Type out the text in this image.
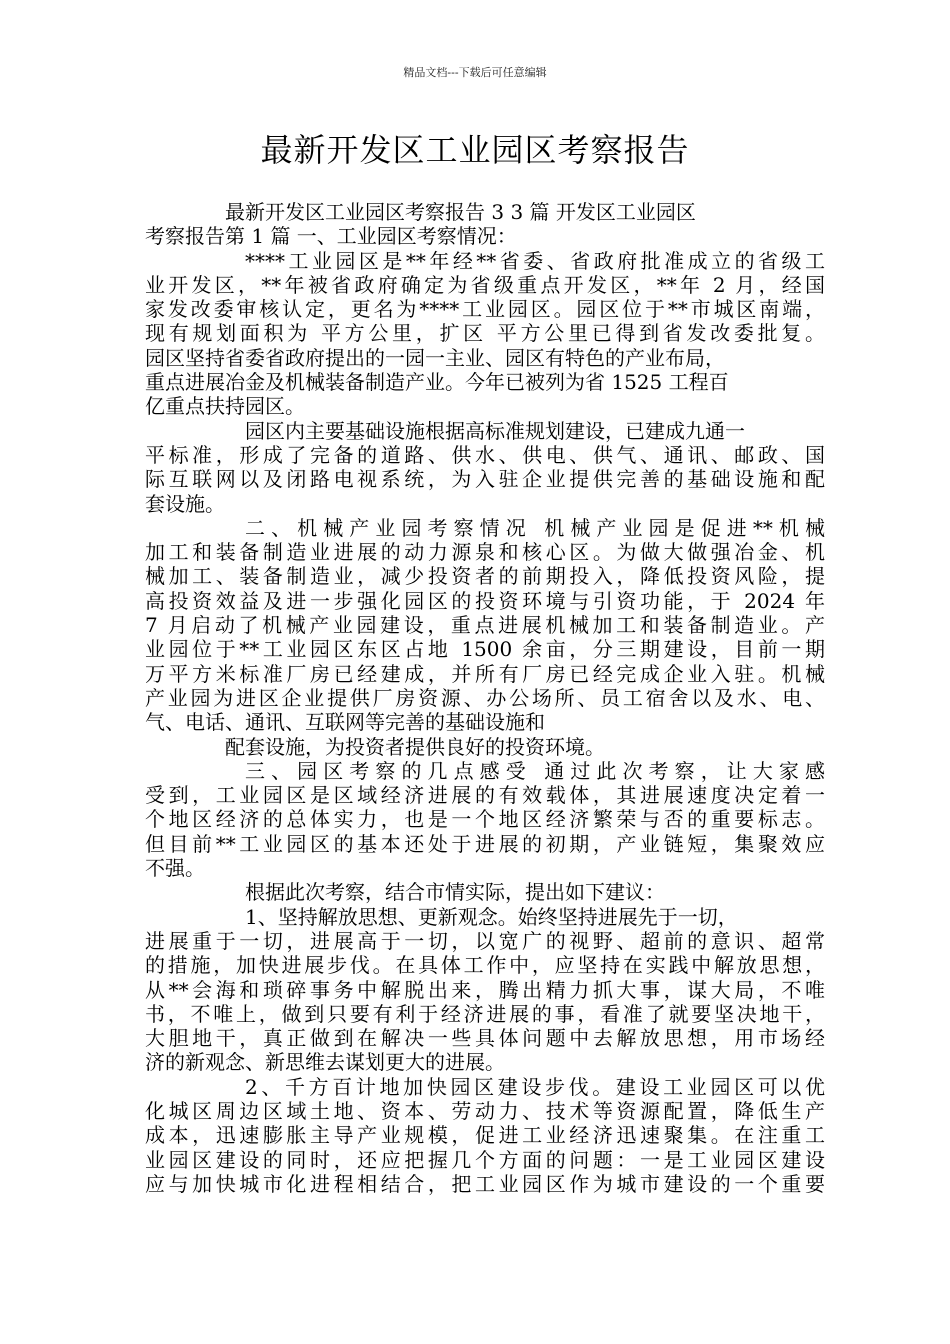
精品文档---下载后可任意编辑
最新开发区工业园区考察报告
最新开发区工业园区考察报告 3 3 篇 开发区工业园区
考察报告第 1 篇 一、工业园区考察情况：
****工业园区是**年经**省委、省政府批准成立的省级工
业开发区，**年被省政府确定为省级重点开发区，**年 2 月，经国
家发改委审核认定，更名为****工业园区。园区位于**市城区南端，
现有规划面积为 平方公里，扩区 平方公里已得到省发改委批复。
园区坚持省委省政府提出的一园一主业、园区有特色的产业布局，
重点进展冶金及机械装备制造产业。今年已被列为省 1525 工程百
亿重点扶持园区。
园区内主要基础设施根据高标准规划建设，已建成九通一
平标准，形成了完备的道路、供水、供电、供气、通讯、邮政、国
际互联网以及闭路电视系统，为入驻企业提供完善的基础设施和配
套设施。
二、机械产业园考察情况 机械产业园是促进**机械
加工和装备制造业进展的动力源泉和核心区。为做大做强冶金、机
械加工、装备制造业，减少投资者的前期投入，降低投资风险，提
高投资效益及进一步强化园区的投资环境与引资功能，于 2024 年
7 月启动了机械产业园建设，重点进展机械加工和装备制造业。产
业园位于**工业园区东区占地 1500 余亩，分三期建设，目前一期
万平方米标准厂房已经建成，并所有厂房已经完成企业入驻。机械
产业园为进区企业提供厂房资源、办公场所、员工宿舍以及水、电、
气、电话、通讯、互联网等完善的基础设施和
配套设施，为投资者提供良好的投资环境。
三、园区考察的几点感受 通过此次考察，让大家感
受到，工业园区是区域经济进展的有效载体，其进展速度决定着一
个地区经济的总体实力，也是一个地区经济繁荣与否的重要标志。
但目前**工业园区的基本还处于进展的初期，产业链短，集聚效应
不强。
根据此次考察，结合市情实际，提出如下建议：
1、坚持解放思想、更新观念。始终坚持进展先于一切，
进展重于一切，进展高于一切，以宽广的视野、超前的意识、超常
的措施，加快进展步伐。在具体工作中，应坚持在实践中解放思想，
从**会海和琐碎事务中解脱出来，腾出精力抓大事，谋大局，不唯
书，不唯上，做到只要有利于经济进展的事，看准了就要坚决地干，
大胆地干，真正做到在解决一些具体问题中去解放思想，用市场经
济的新观念、新思维去谋划更大的进展。
2、千方百计地加快园区建设步伐。建设工业园区可以优
化城区周边区域土地、资本、劳动力、技术等资源配置，降低生产
成本，迅速膨胀主导产业规模，促进工业经济迅速聚集。在注重工
业园区建设的同时，还应把握几个方面的问题：一是工业园区建设
应与加快城市化进程相结合，把工业园区作为城市建设的一个重要
